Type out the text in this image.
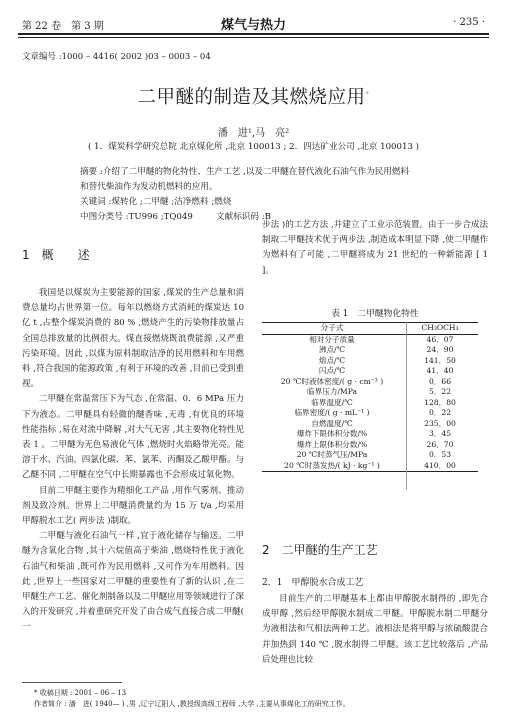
第 22 卷　第 3 期	煤气与热力	· 235 ·
文章编号 :1000 – 4416( 2002 )03 – 0003 – 04
二甲醚的制造及其燃烧应用*
潘　进¹,马　亮²
( 1．煤炭科学研究总院 北京煤化所 ,北京 100013 ; 2．四达矿业公司 ,北京 100013 )
摘要 :介绍了二甲醚的物化特性、生产工艺 ,以及二甲醚在替代液化石油气作为民用燃料
和替代柴油作为发动机燃料的应用。
关键词 :煤转化 ;二甲醚 ;洁净燃料 ;燃烧
中图分类号 :TU996 ;TQ049	文献标识码 :B
1　概　　述

我国是以煤炭为主要能源的国家 ,煤炭的生产总量和消费总量均占世界第一位。每年以燃烧方式消耗的煤炭达 10 亿 t ,占整个煤炭消费的 80 % ,燃烧产生的污染物排放量占全国总排放量的比例很大。煤直接燃烧既浪费能源 ,又严重污染环境。因此 ,以煤为原料制取洁净的民用燃料和车用燃料 ,符合我国的能源政策 ,有利于环境的改善 ,目前已受到重视。

二甲醚在常温常压下为气态 ,在常温、0．6 MPa 压力下为液态。二甲醚具有轻微的醚香味 ,无毒 ,有优良的环境性能指标 ,易在对流中降解 ,对大气无害 ,其主要物化特性见表 1 。二甲醚为无色易液化气体 ,燃烧时火焰略带光亮。能溶于水、汽油、四氯化碳、苯、氯苯、丙酮及乙酸甲酯。与乙醚不同 ,二甲醚在空气中长期暴露也不会形成过氧化物。

目前二甲醚主要作为精细化工产品 ,用作气雾剂、推动剂及致冷剂。世界上二甲醚消费量约为 15 万 t/a ,均采用甲醇脱水工艺( 两步法 )制取。

二甲醚与液化石油气一样 ,宜于液化储存与输送。二甲醚为含氧化合物 ,其十六烷值高于柴油 ,燃烧特性优于液化石油气和柴油 ,既可作为民用燃料 ,又可作为车用燃料。因此 ,世界上一些国家对二甲醚的重要性有了新的认识 ,在二甲醚生产工艺、催化剂制备以及二甲醚应用等领域进行了深入的开发研究 ,并着重研究开发了由合成气直接合成二甲醚( 一

步法 )的工艺方法 ,并建立了工业示范装置。由于一步合成法制取二甲醚技术优于两步法 ,制造成本明显下降 ,使二甲醚作为燃料有了可能 ,二甲醚将成为 21 世纪的一种新能源 [ 1 ]。

表 1　二甲醚物化特性
分子式	CH₃OCH₃
相对分子质量	46．07
沸点/℃	24．90
熔点/℃	141．50
闪点/℃	41．40
20 ℃时液体密度/( g · cm⁻³ )	0．66
临界压力/MPa	5．22
临界温度/℃	128．80
临界密度/( g · mL⁻¹ )	0．22
自燃温度/℃	235．00
爆炸下限体积分数/%	3．45
爆炸上限体积分数/%	26．70
20 ℃时蒸气压/MPa	0．53
20 ℃时蒸发热/( kJ · kg⁻¹ )	410．00
2　二甲醚的生产工艺
2．1　甲醇脱水合成工艺

目前生产的二甲醚基本上都由甲醇脱水制得的 ,即先合成甲醇 ,然后经甲醇脱水制成二甲醚。甲醇脱水制二甲醚分为液相法和气相法两种工艺。液相法是将甲醇与浓硫酸混合并加热到 140 ℃ ,脱水制得二甲醚。该工艺比较落后 ,产品后处理也比较

* 收稿日期 : 2001 – 06 – 13
作者简介 : 潘　进( 1940— ) ,男 ,辽宁辽阳人 ,教授级高级工程师 ,大学 ,主要从事煤化工的研究工作。
